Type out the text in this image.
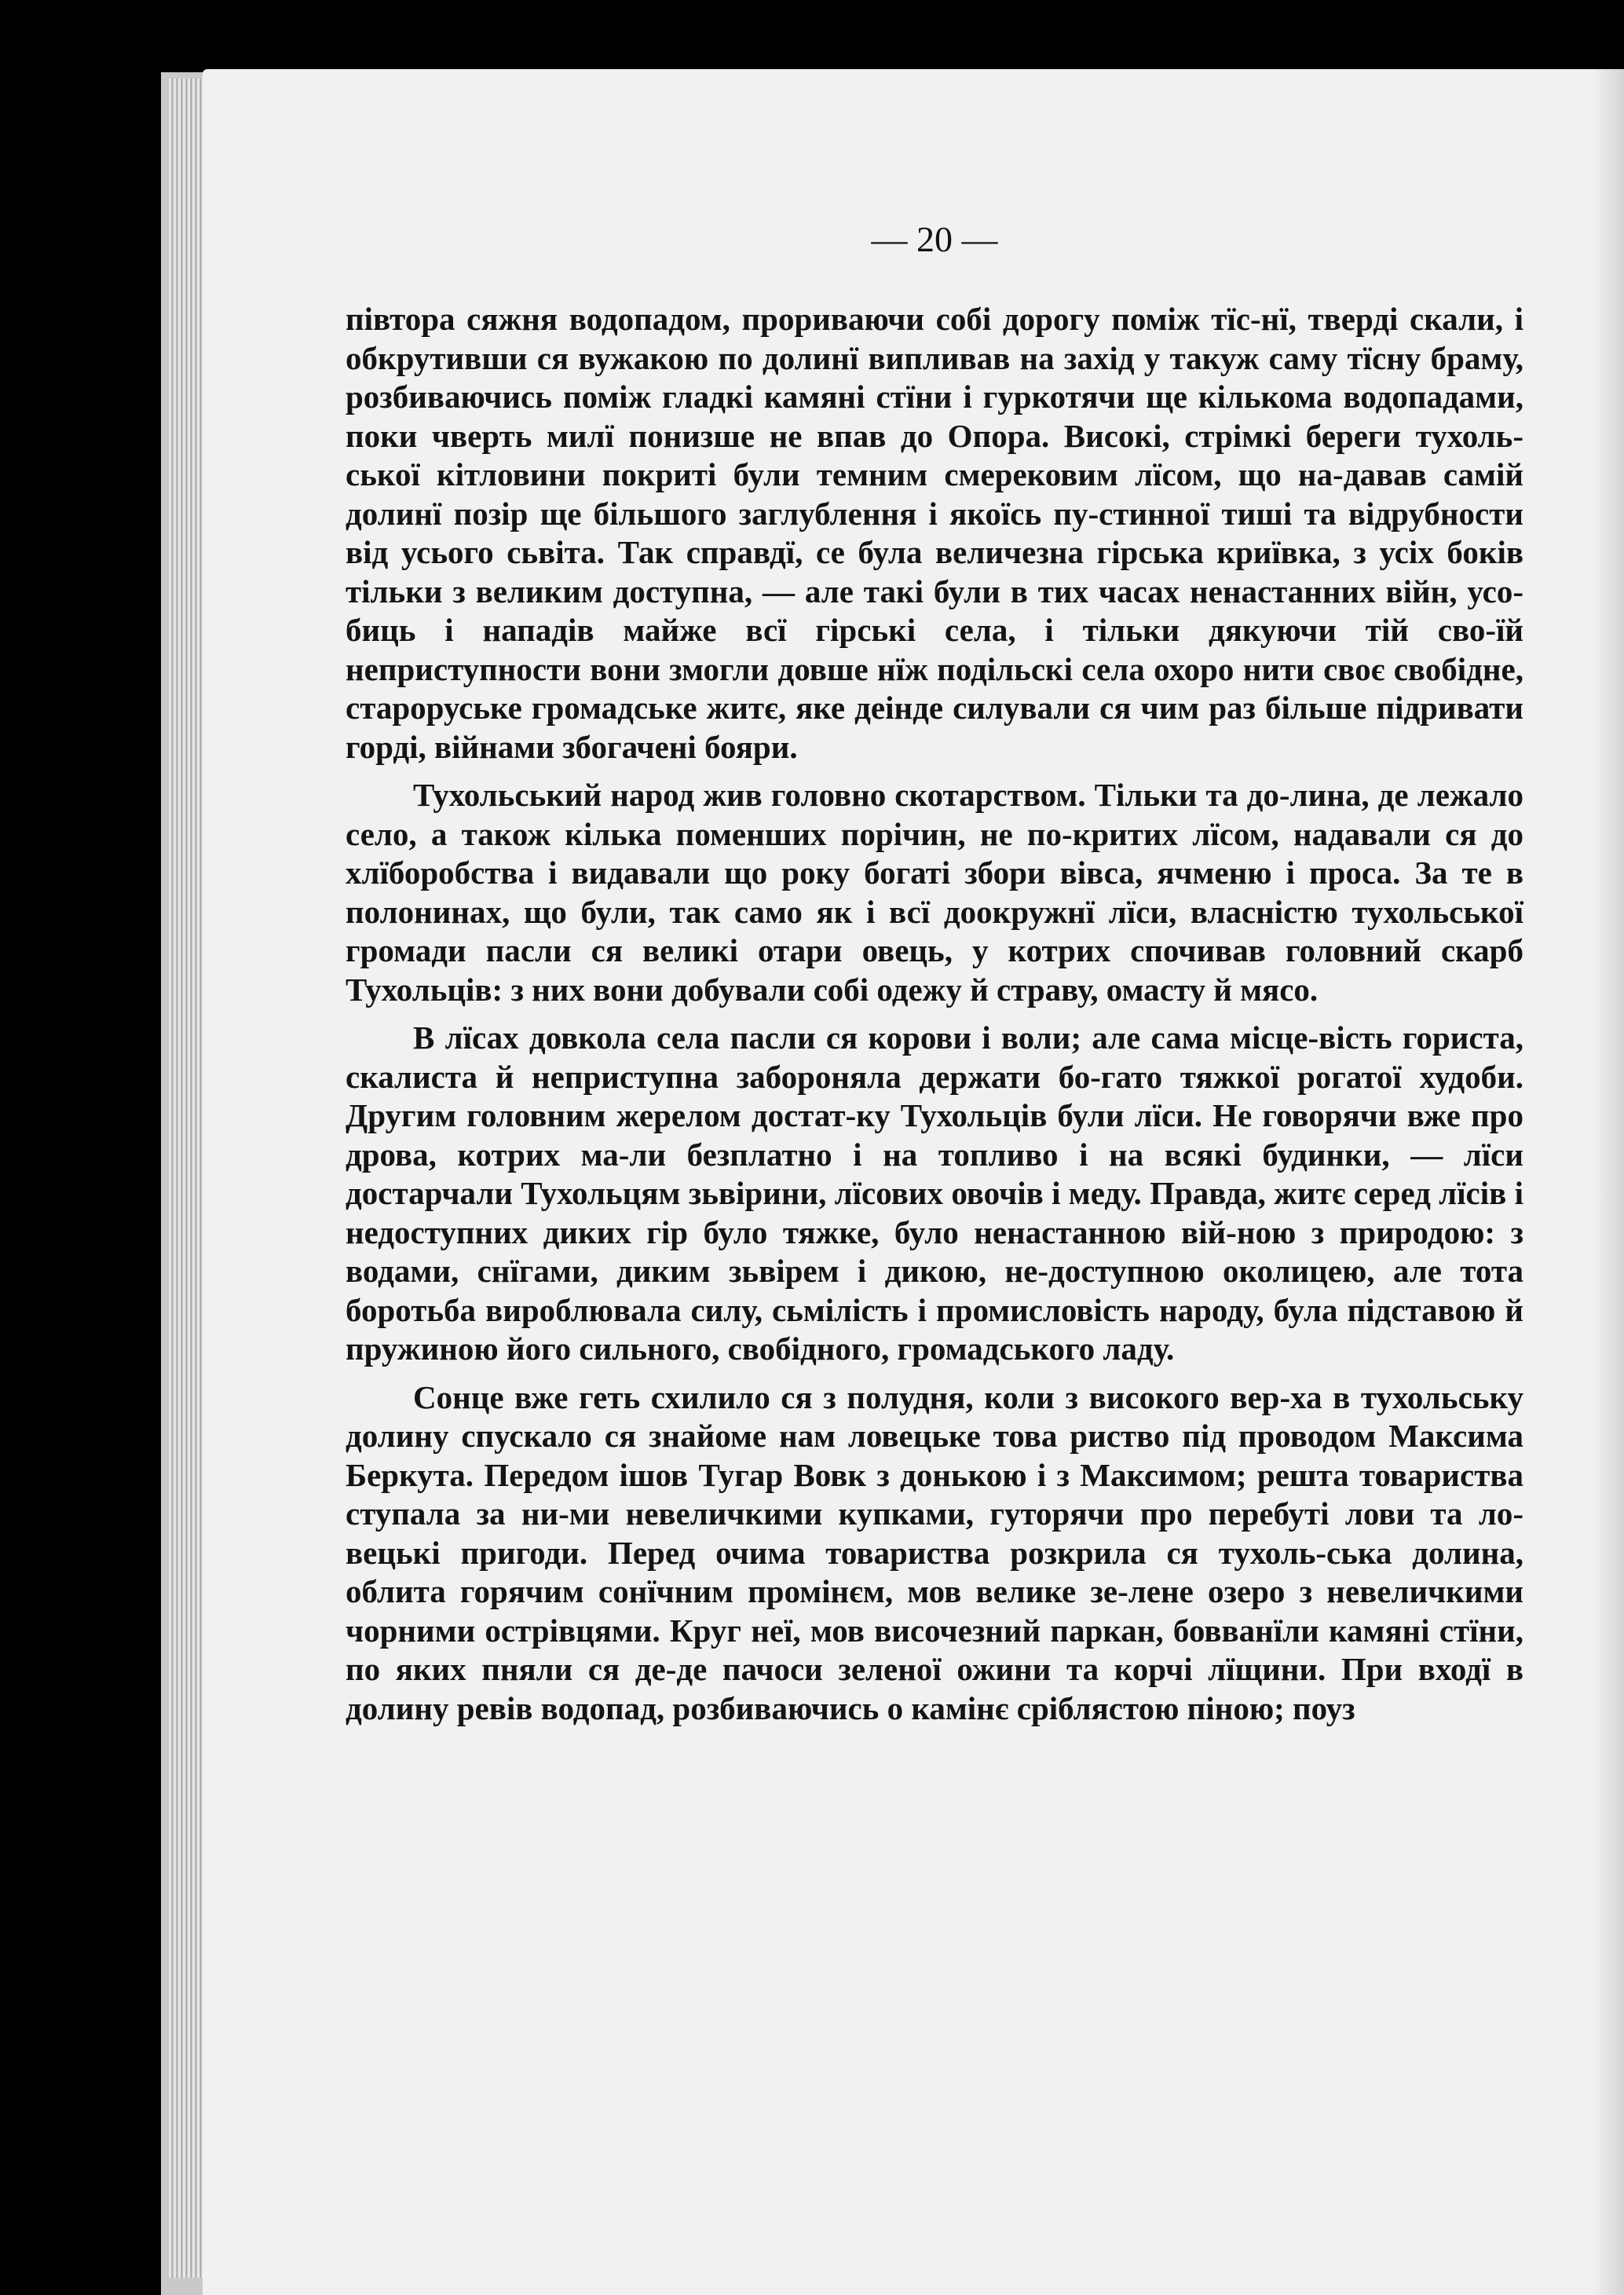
— 20 —

півтора сяжня водопадом, прориваючи собі дорогу поміж тїс-нї, тверді скали, і обкрутивши ся вужакою по долинї випливав на захід у такуж саму тїсну браму, розбиваючись поміж гладкі камяні стїни і гуркотячи ще кількома водопадами, поки чверть милї понизше не впав до Опора. Високі, стрімкі береги тухоль-ської кітловини покриті були темним смерековим лїсом, що на-давав самій долинї позір ще більшого заглублення і якоїсь пу-стинної тиші та відрубности від усього сьвіта. Так справдї, се була величезна гірська криївка, з усіх боків тільки з великим доступна, — але такі були в тих часах ненастанних війн, усо-биць і нападів майже всї гірські села, і тільки дякуючи тій сво-їй неприступности вони змогли довше нїж подільскі села охоро нити своє свобідне, староруське громадське житє, яке деінде силували ся чим раз більше підривати горді, війнами збогачені бояри.

Тухольський народ жив головно скотарством. Тільки та до-лина, де лежало село, а також кілька поменших порічин, не по-критих лїсом, надавали ся до хлїборобства і видавали що року богаті збори вівса, ячменю і проса. За те в полонинах, що були, так само як і всї доокружнї лїси, власністю тухольської громади пасли ся великі отари овець, у котрих спочивав головний скарб Тухольців: з них вони добували собі одежу й страву, омасту й мясо.

В лїсах довкола села пасли ся корови і воли; але сама місце-вість гориста, скалиста й неприступна забороняла держати бо-гато тяжкої рогатої худоби. Другим головним жерелом достат-ку Тухольців були лїси. Не говорячи вже про дрова, котрих ма-ли безплатно і на топливо і на всякі будинки, — лїси достарчали Тухольцям зьвірини, лїсових овочів і меду. Правда, житє серед лїсів і недоступних диких гір було тяжке, було ненастанною вій-ною з природою: з водами, снїгами, диким зьвірем і дикою, не-доступною околицею, але тота боротьба вироблювала силу, сьміліcть і промисловість народу, була підставою й пружиною його сильного, свобідного, громадського ладу.

Сонце вже геть схилило ся з полудня, коли з високого вер-ха в тухольську долину спускало ся знайоме нам ловецьке това риство під проводом Максима Беркута. Передом ішов Тугар Вовк з донькою і з Максимом; решта товариства ступала за ни-ми невеличкими купками, гуторячи про перебуті лови та ло-вецькі пригоди. Перед очима товариства розкрила ся тухоль-ська долина, облита горячим сонїчним промінєм, мов велике зе-лене озеро з невеличкими чорними острівцями. Круг неї, мов височезний паркан, бовванїли камяні стїни, по яких пняли ся де-де пачоси зеленої ожини та корчі лїщини. При входї в долину ревів водопад, розбиваючись о камінє сріблястою піною; поуз
